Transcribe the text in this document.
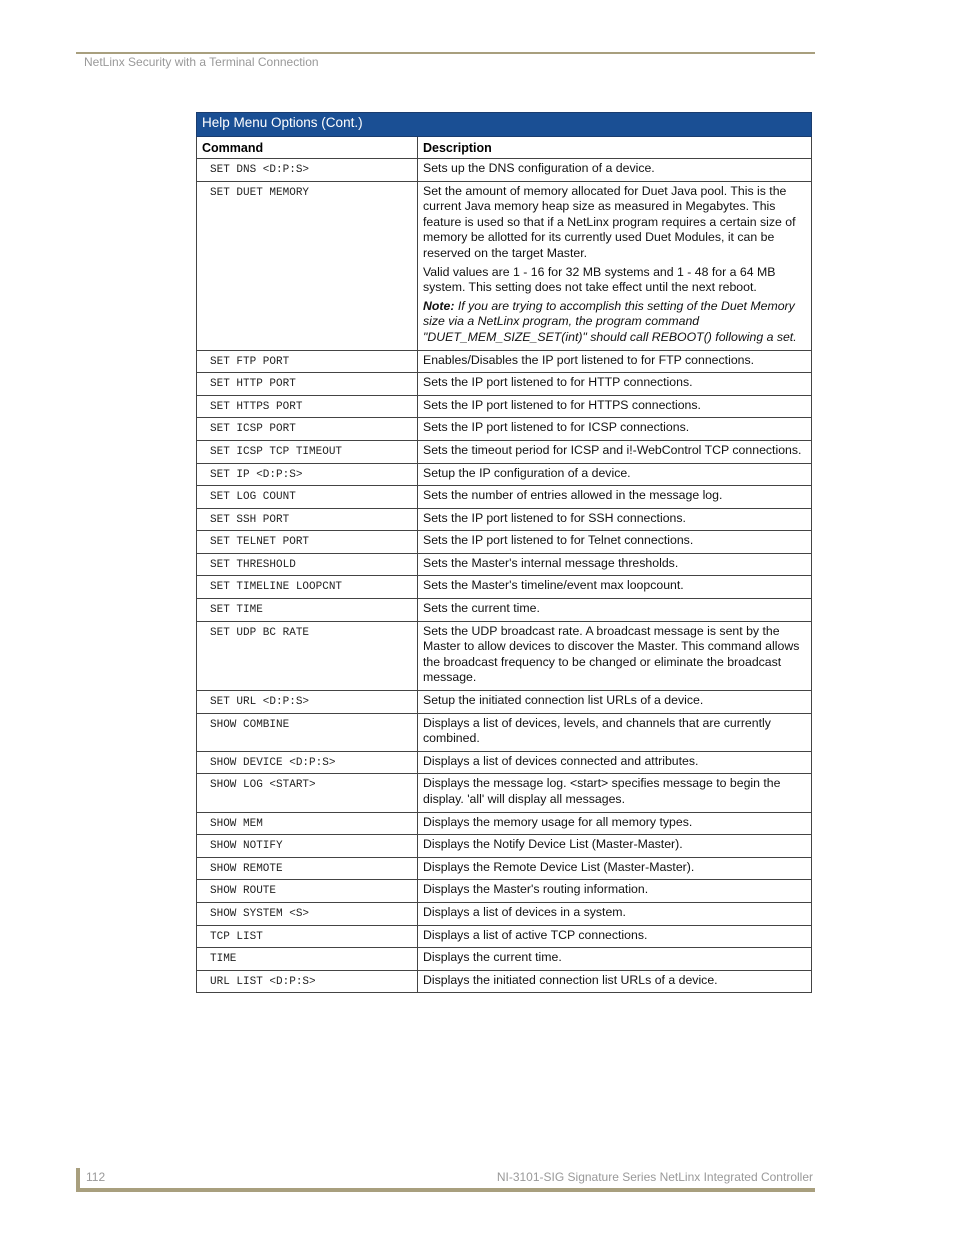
NetLinx Security with a Terminal Connection
Help Menu Options (Cont.)	
Command	Description
SET DNS <D:P:S>	Sets up the DNS configuration of a device.

SET DUET MEMORY	Set the amount of memory allocated for Duet Java pool. This is the current Java memory heap size as measured in Megabytes. This feature is used so that if a NetLinx program requires a certain size of memory be allotted for its currently used Duet Modules, it can be reserved on the target Master.

Valid values are 1 - 16 for 32 MB systems and 1 - 48 for a 64 MB system. This setting does not take effect until the next reboot.

Note: If you are trying to accomplish this setting of the Duet Memory size via a NetLinx program, the program command "DUET_MEM_SIZE_SET(int)" should call REBOOT() following a set.

SET FTP PORT	Enables/Disables the IP port listened to for FTP connections.

SET HTTP PORT	Sets the IP port listened to for HTTP connections.

SET HTTPS PORT	Sets the IP port listened to for HTTPS connections.

SET ICSP PORT	Sets the IP port listened to for ICSP connections.

SET ICSP TCP TIMEOUT	Sets the timeout period for ICSP and i!-WebControl TCP connections.

SET IP <D:P:S>	Setup the IP configuration of a device.

SET LOG COUNT	Sets the number of entries allowed in the message log.

SET SSH PORT	Sets the IP port listened to for SSH connections.

SET TELNET PORT	Sets the IP port listened to for Telnet connections.

SET THRESHOLD	Sets the Master's internal message thresholds.

SET TIMELINE LOOPCNT	Sets the Master's timeline/event max loopcount.

SET TIME	Sets the current time.

SET UDP BC RATE	Sets the UDP broadcast rate. A broadcast message is sent by the Master to allow devices to discover the Master. This command allows the broadcast frequency to be changed or eliminate the broadcast message.

SET URL <D:P:S>	Setup the initiated connection list URLs of a device.

SHOW COMBINE	Displays a list of devices, levels, and channels that are currently combined.

SHOW DEVICE <D:P:S>	Displays a list of devices connected and attributes.

SHOW LOG <START>	Displays the message log. <start> specifies message to begin the display. 'all' will display all messages.

SHOW MEM	Displays the memory usage for all memory types.

SHOW NOTIFY	Displays the Notify Device List (Master-Master).

SHOW REMOTE	Displays the Remote Device List (Master-Master).

SHOW ROUTE	Displays the Master's routing information.

SHOW SYSTEM <S>	Displays a list of devices in a system.

TCP LIST	Displays a list of active TCP connections.

TIME	Displays the current time.

URL LIST <D:P:S>	Displays the initiated connection list URLs of a device.

112	NI-3101-SIG Signature Series NetLinx Integrated Controller
